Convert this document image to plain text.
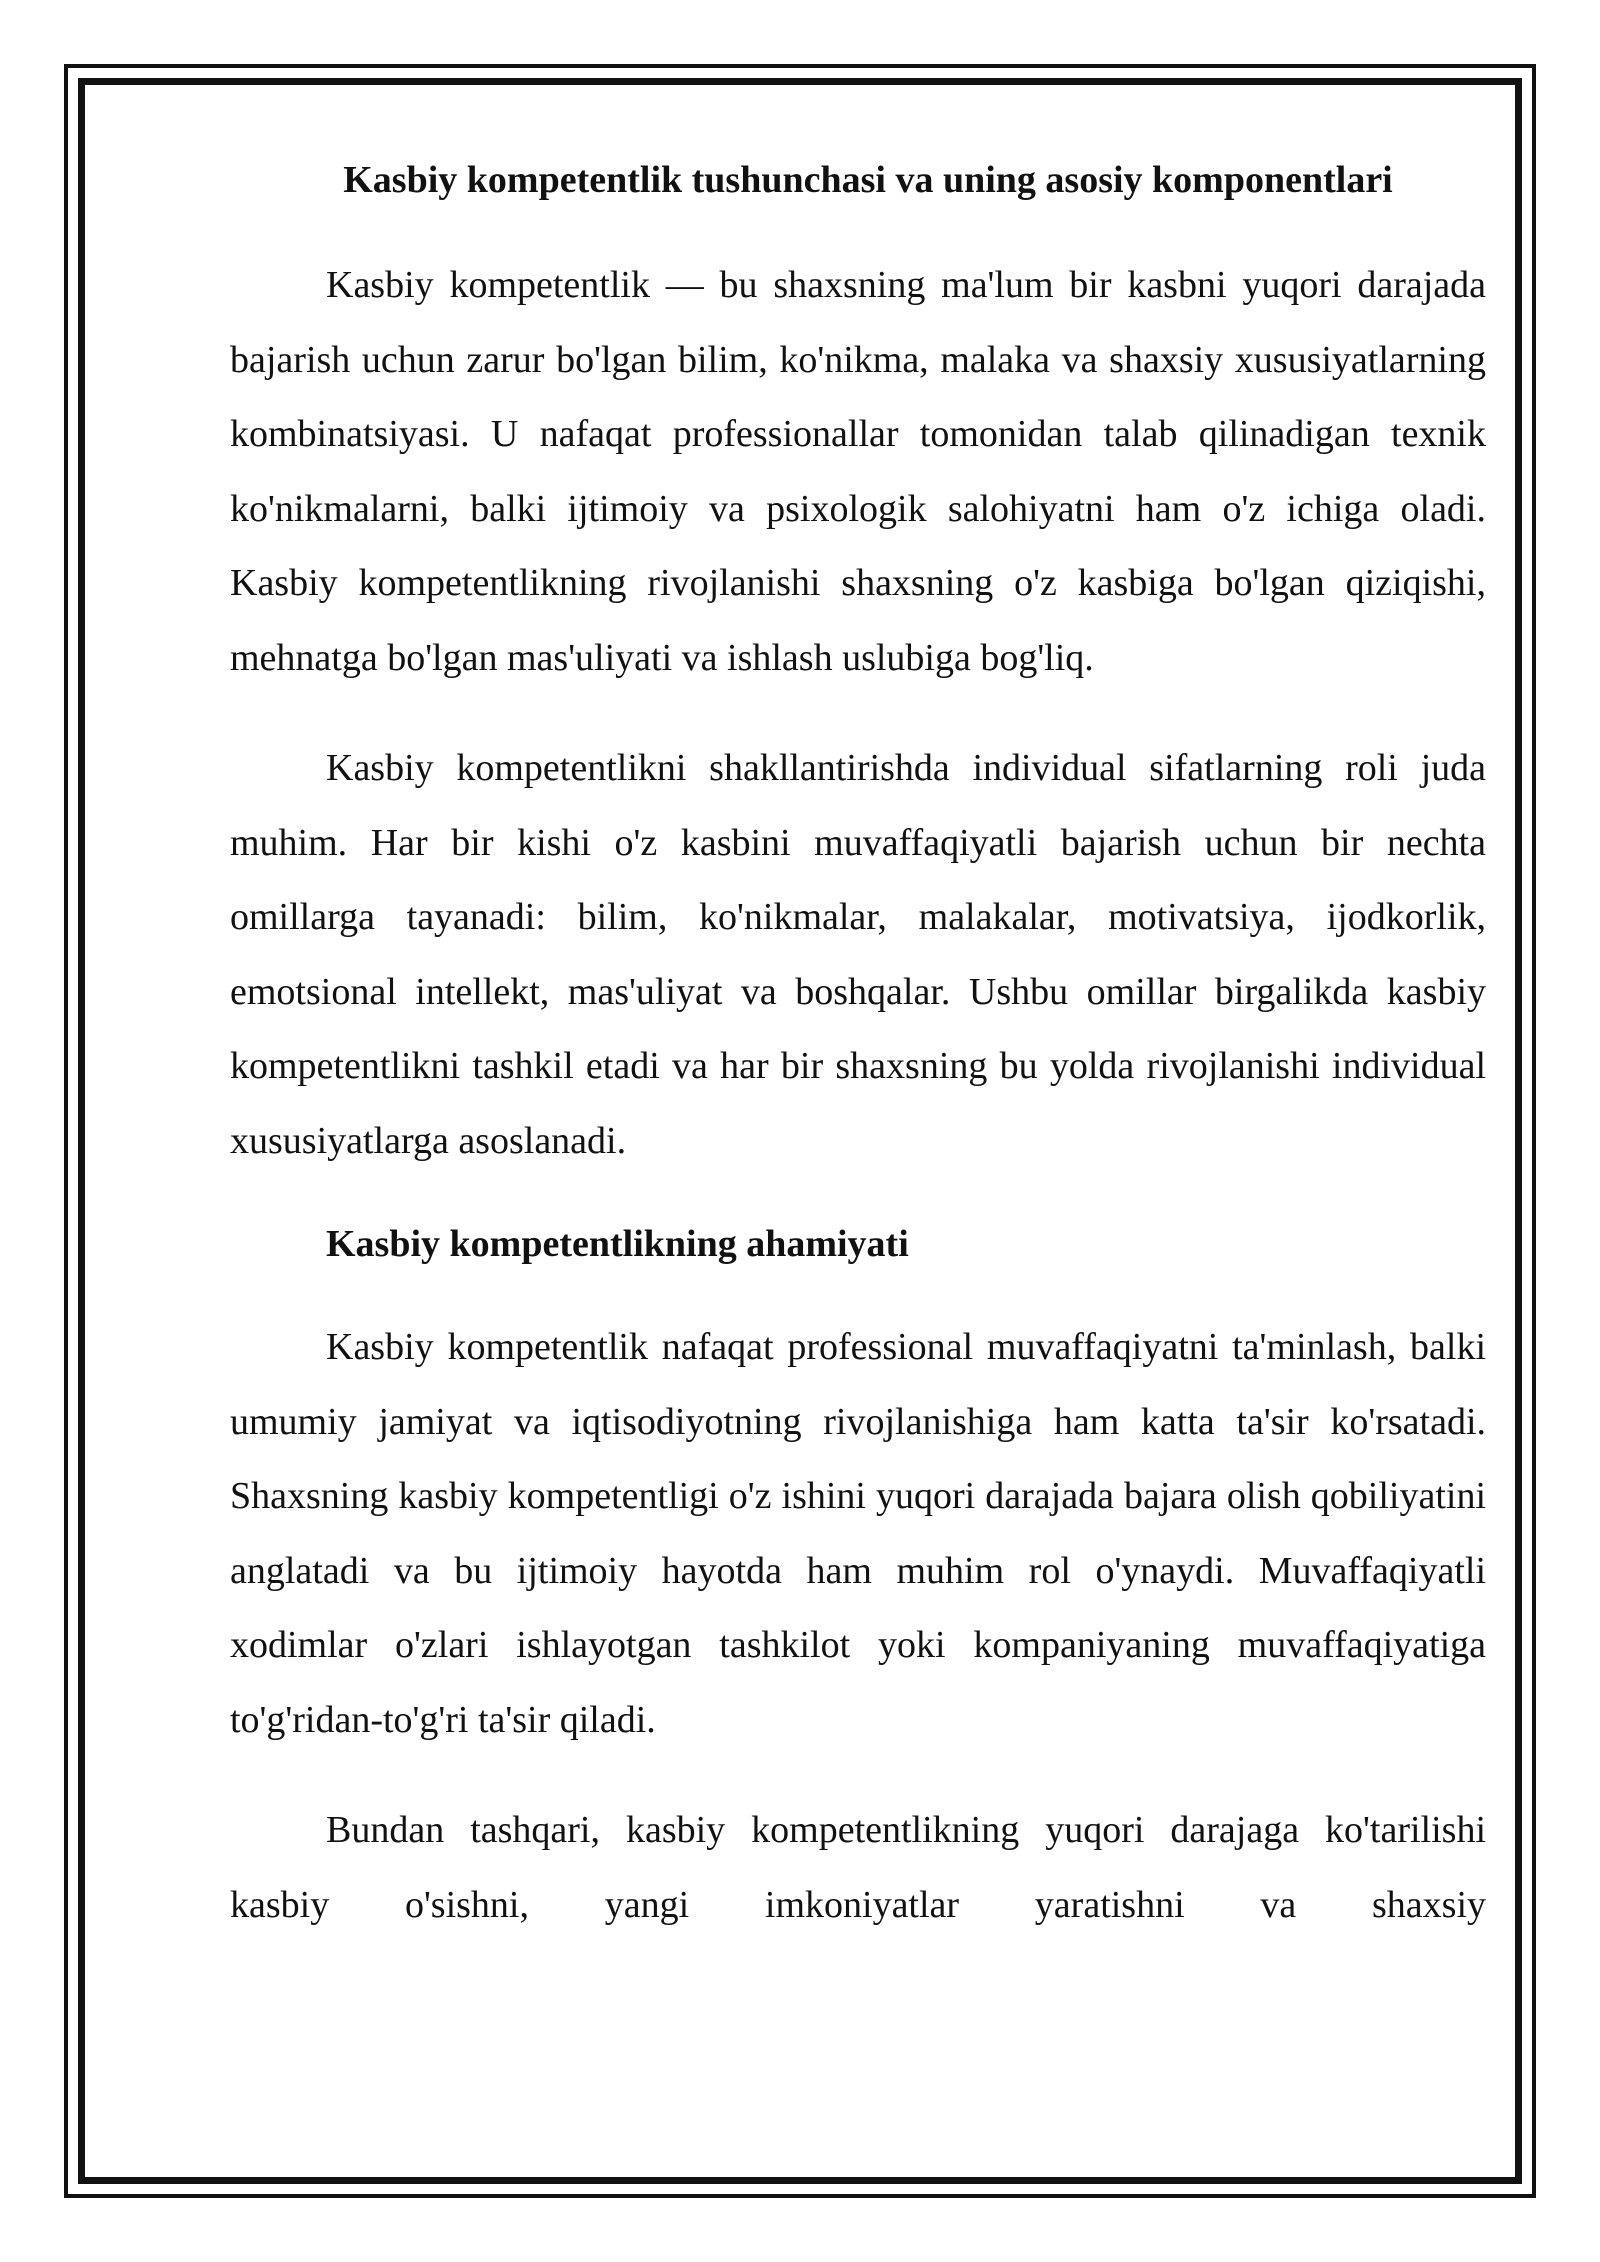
Kasbiy kompetentlik tushunchasi va uning asosiy komponentlari

Kasbiy kompetentlik — bu shaxsning ma'lum bir kasbni yuqori darajada bajarish uchun zarur bo'lgan bilim, ko'nikma, malaka va shaxsiy xususiyatlarning kombinatsiyasi. U nafaqat professionallar tomonidan talab qilinadigan texnik ko'nikmalarni, balki ijtimoiy va psixologik salohiyatni ham o'z ichiga oladi. Kasbiy kompetentlikning rivojlanishi shaxsning o'z kasbiga bo'lgan qiziqishi, mehnatga bo'lgan mas'uliyati va ishlash uslubiga bog'liq.

Kasbiy kompetentlikni shakllantirishda individual sifatlarning roli juda muhim. Har bir kishi o'z kasbini muvaffaqiyatli bajarish uchun bir nechta omillarga tayanadi: bilim, ko'nikmalar, malakalar, motivatsiya, ijodkorlik, emotsional intellekt, mas'uliyat va boshqalar. Ushbu omillar birgalikda kasbiy kompetentlikni tashkil etadi va har bir shaxsning bu yolda rivojlanishi individual xususiyatlarga asoslanadi.

Kasbiy kompetentlikning ahamiyati

Kasbiy kompetentlik nafaqat professional muvaffaqiyatni ta'minlash, balki umumiy jamiyat va iqtisodiyotning rivojlanishiga ham katta ta'sir ko'rsatadi. Shaxsning kasbiy kompetentligi o'z ishini yuqori darajada bajara olish qobiliyatini anglatadi va bu ijtimoiy hayotda ham muhim rol o'ynaydi. Muvaffaqiyatli xodimlar o'zlari ishlayotgan tashkilot yoki kompaniyaning muvaffaqiyatiga to'g'ridan-to'g'ri ta'sir qiladi.

Bundan tashqari, kasbiy kompetentlikning yuqori darajaga ko'tarilishi kasbiy o'sishni, yangi imkoniyatlar yaratishni va shaxsiy
